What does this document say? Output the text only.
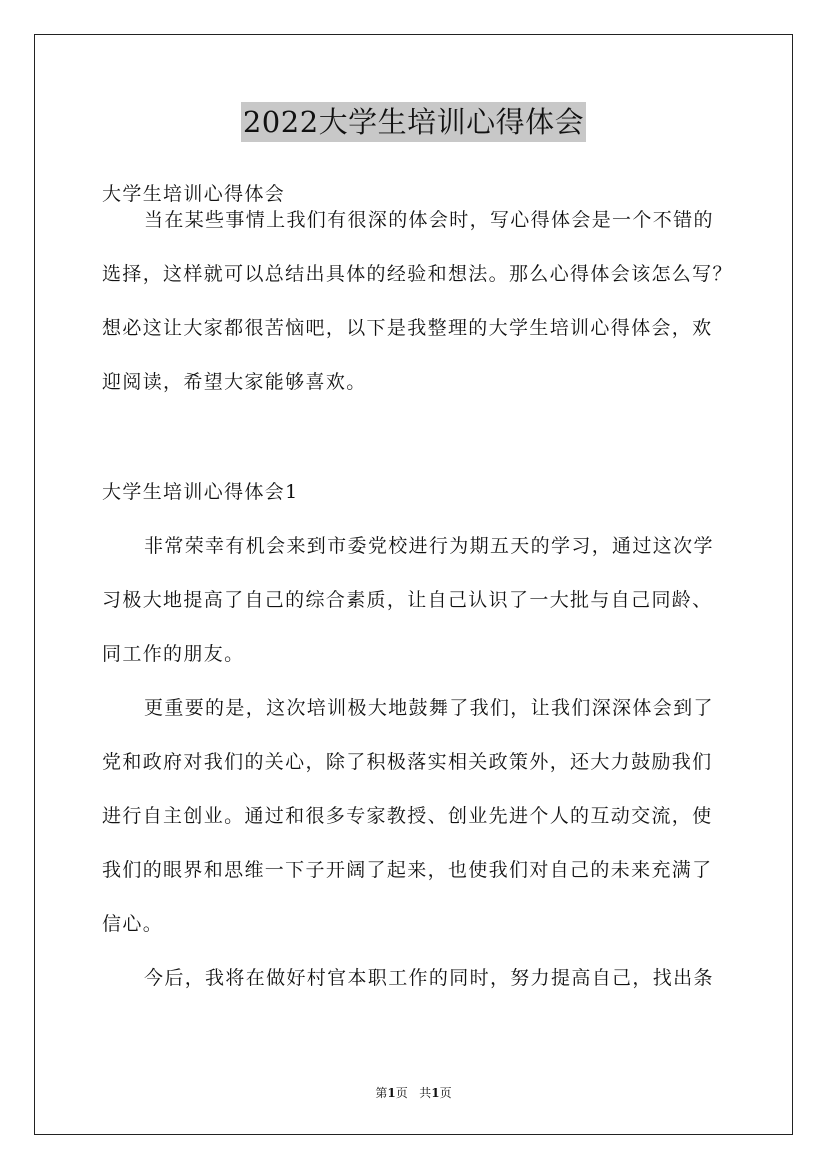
2022大学生培训心得体会
大学生培训心得体会
当在某些事情上我们有很深的体会时，写心得体会是一个不错的
选择，这样就可以总结出具体的经验和想法。那么心得体会该怎么写？
想必这让大家都很苦恼吧，以下是我整理的大学生培训心得体会，欢
迎阅读，希望大家能够喜欢。
大学生培训心得体会1
非常荣幸有机会来到市委党校进行为期五天的学习，通过这次学
习极大地提高了自己的综合素质，让自己认识了一大批与自己同龄、
同工作的朋友。
更重要的是，这次培训极大地鼓舞了我们，让我们深深体会到了
党和政府对我们的关心，除了积极落实相关政策外，还大力鼓励我们
进行自主创业。通过和很多专家教授、创业先进个人的互动交流，使
我们的眼界和思维一下子开阔了起来，也使我们对自己的未来充满了
信心。
今后，我将在做好村官本职工作的同时，努力提高自己，找出条
第1页 共1页
